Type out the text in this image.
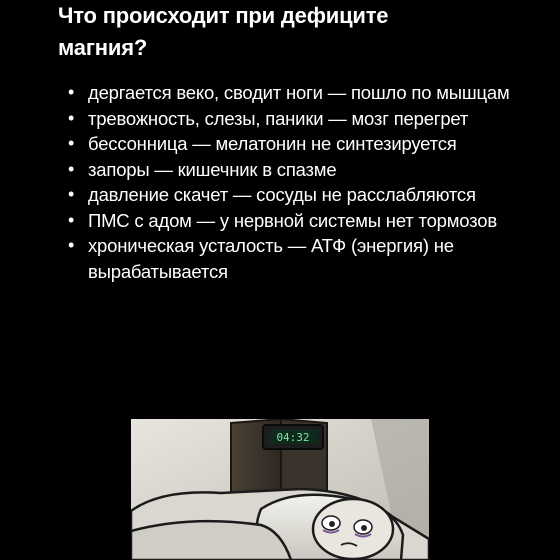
Что происходит при дефиците
магния?
• дергается веко, сводит ноги — пошло по мышцам
• тревожность, слезы, паники — мозг перегрет
• бессонница — мелатонин не синтезируется
• запоры — кишечник в спазме
• давление скачет — сосуды не расслабляются
• ПМС с адом — у нервной системы нет тормозов
• хроническая усталость — АТФ (энергия) не вырабатывается
04:32
